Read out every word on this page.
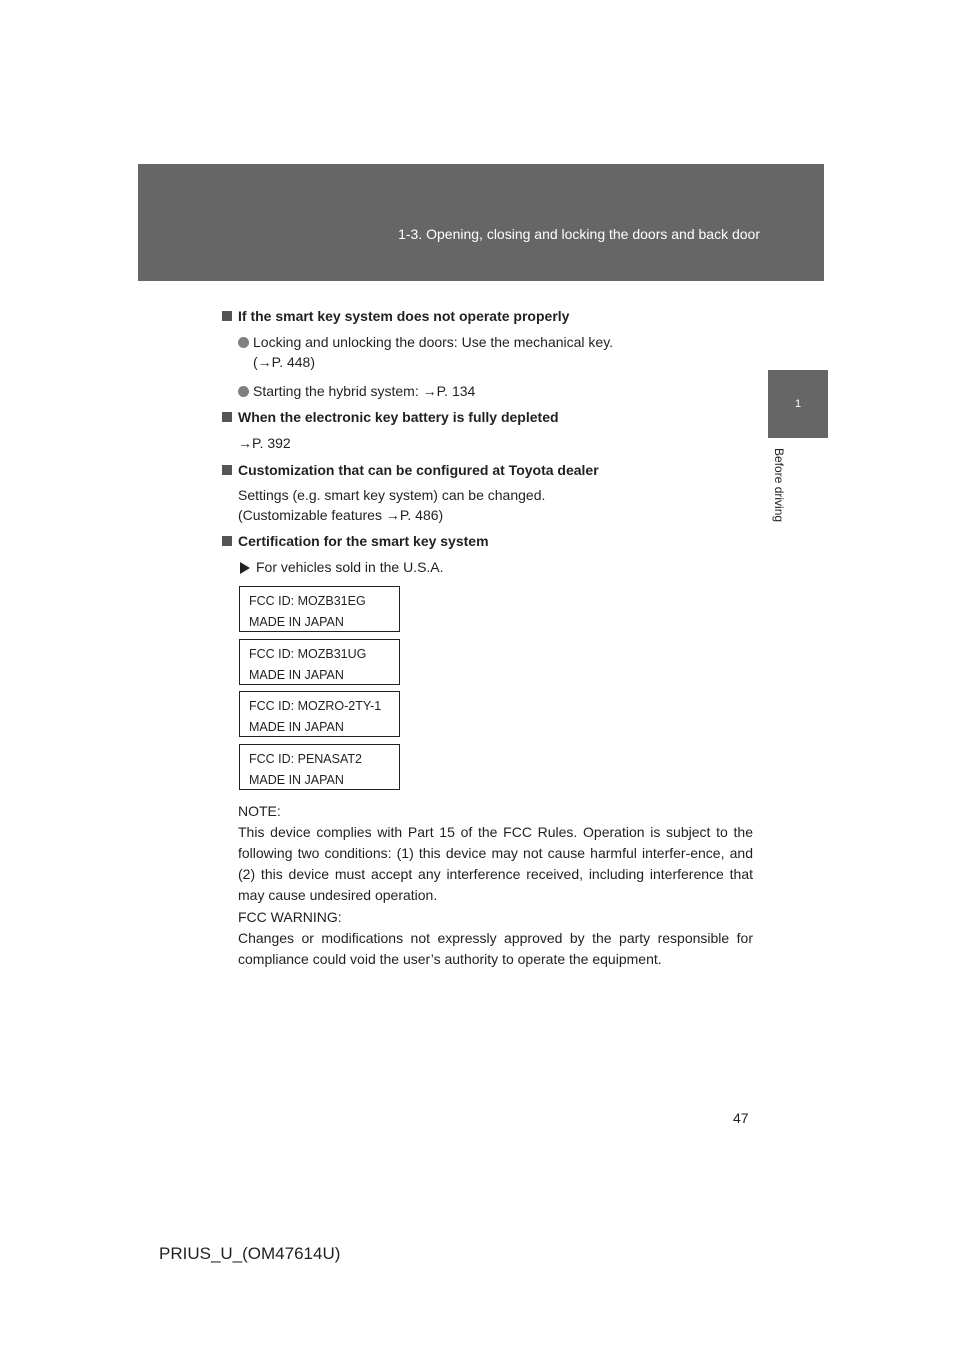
1-3. Opening, closing and locking the doors and back door
1
Before driving

If the smart key system does not operate properly

Locking and unlocking the doors: Use the mechanical key.
(→P. 448)

Starting the hybrid system: →P. 134

When the electronic key battery is fully depleted

→P. 392

Customization that can be configured at Toyota dealer

Settings (e.g. smart key system) can be changed.
(Customizable features →P. 486)

Certification for the smart key system

For vehicles sold in the U.S.A.

FCC ID: MOZB31EG
MADE IN JAPAN
FCC ID: MOZB31UG
MADE IN JAPAN
FCC ID: MOZRO-2TY-1
MADE IN JAPAN
FCC ID: PENASAT2
MADE IN JAPAN
NOTE:
This device complies with Part 15 of the FCC Rules. Operation is subject to the following two conditions: (1) this device may not cause harmful interfer-ence, and (2) this device must accept any interference received, including interference that may cause undesired operation.
FCC WARNING:
Changes or modifications not expressly approved by the party responsible for compliance could void the user’s authority to operate the equipment.
47
PRIUS_U_(OM47614U)
